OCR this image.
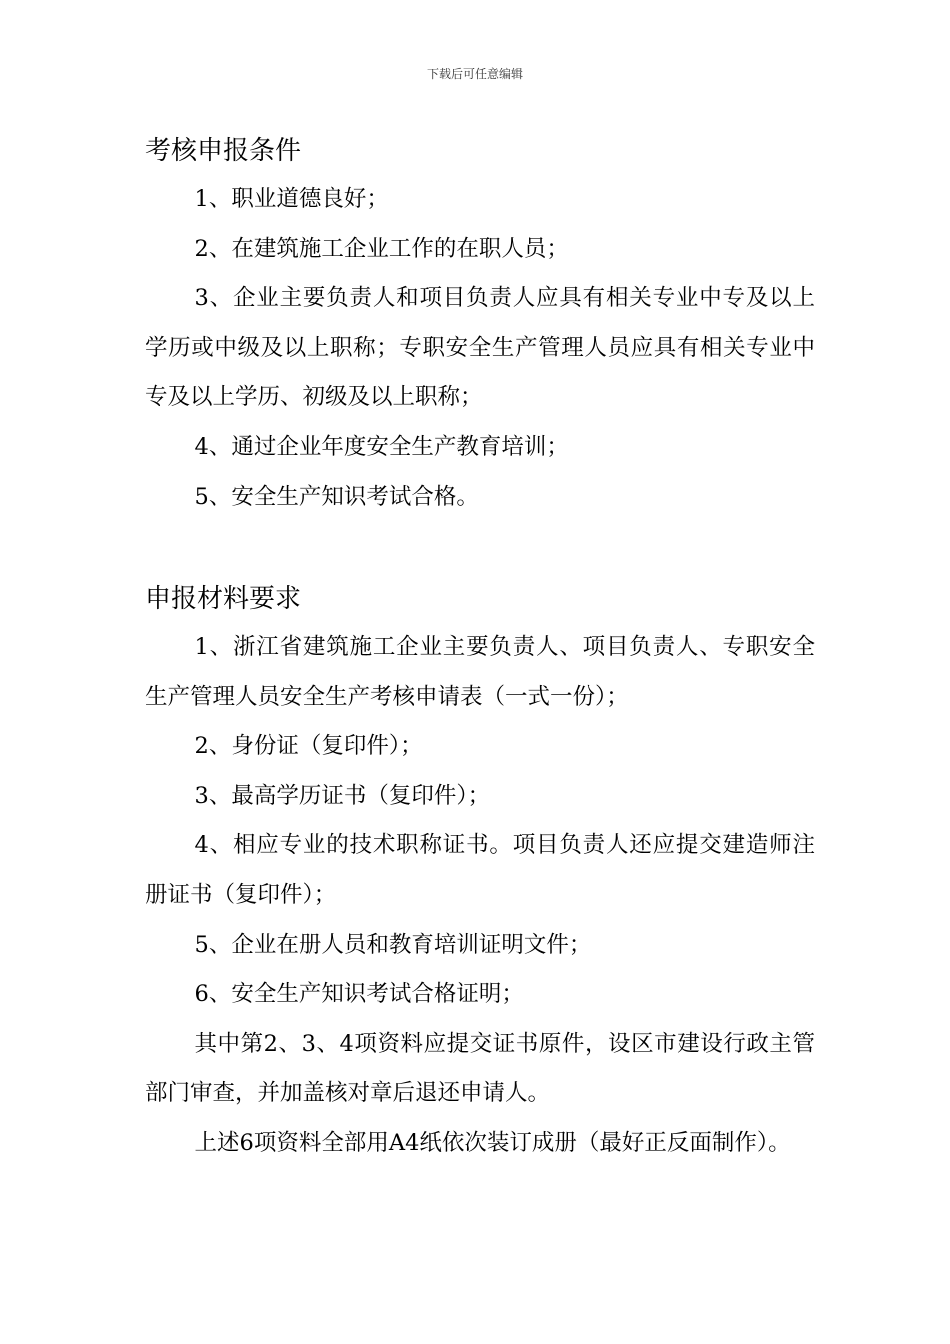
下载后可任意编辑
考核申报条件

1、职业道德良好；

2、在建筑施工企业工作的在职人员；

3、企业主要负责人和项目负责人应具有相关专业中专及以上学历或中级及以上职称；专职安全生产管理人员应具有相关专业中专及以上学历、初级及以上职称；

4、通过企业年度安全生产教育培训；

5、安全生产知识考试合格。

申报材料要求

1、浙江省建筑施工企业主要负责人、项目负责人、专职安全生产管理人员安全生产考核申请表（一式一份）；

2、身份证（复印件）；

3、最高学历证书（复印件）；

4、相应专业的技术职称证书。项目负责人还应提交建造师注册证书（复印件）；

5、企业在册人员和教育培训证明文件；

6、安全生产知识考试合格证明；

其中第2、3、4项资料应提交证书原件，设区市建设行政主管部门审查，并加盖核对章后退还申请人。

上述6项资料全部用A4纸依次装订成册（最好正反面制作）。
